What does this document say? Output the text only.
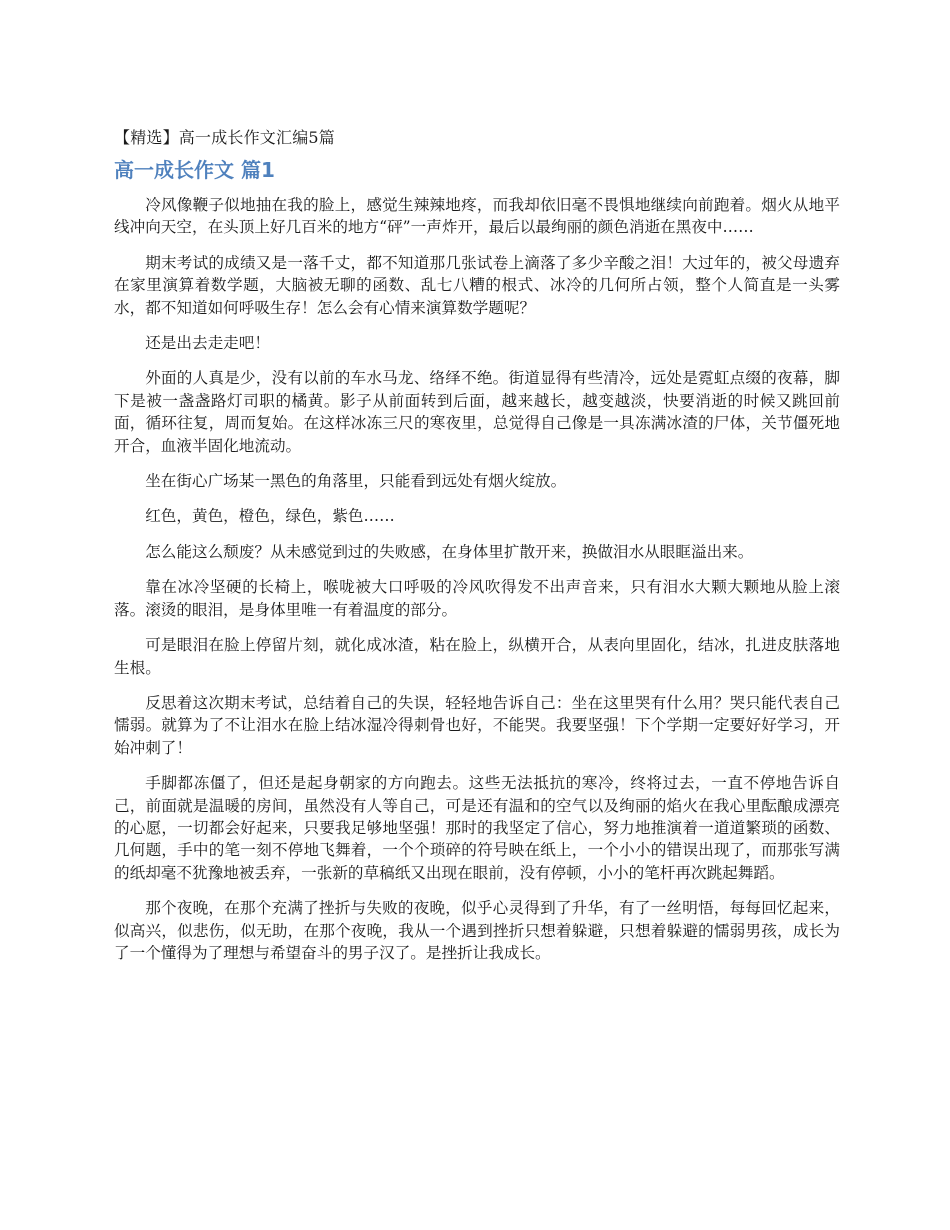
【精选】高一成长作文汇编5篇
高一成长作文 篇1

冷风像鞭子似地抽在我的脸上，感觉生辣辣地疼，而我却依旧毫不畏惧地继续向前跑着。烟火从地平线冲向天空，在头顶上好几百米的地方“砰”一声炸开，最后以最绚丽的颜色消逝在黑夜中……

期末考试的成绩又是一落千丈，都不知道那几张试卷上滴落了多少辛酸之泪！大过年的，被父母遗弃在家里演算着数学题，大脑被无聊的函数、乱七八糟的根式、冰冷的几何所占领，整个人简直是一头雾水，都不知道如何呼吸生存！怎么会有心情来演算数学题呢？

还是出去走走吧！

外面的人真是少，没有以前的车水马龙、络绎不绝。街道显得有些清冷，远处是霓虹点缀的夜幕，脚下是被一盏盏路灯司职的橘黄。影子从前面转到后面，越来越长，越变越淡，快要消逝的时候又跳回前面，循环往复，周而复始。在这样冰冻三尺的寒夜里，总觉得自己像是一具冻满冰渣的尸体，关节僵死地开合，血液半固化地流动。

坐在街心广场某一黑色的角落里，只能看到远处有烟火绽放。

红色，黄色，橙色，绿色，紫色……

怎么能这么颓废？从未感觉到过的失败感，在身体里扩散开来，换做泪水从眼眶溢出来。

靠在冰冷坚硬的长椅上，喉咙被大口呼吸的冷风吹得发不出声音来，只有泪水大颗大颗地从脸上滚落。滚烫的眼泪，是身体里唯一有着温度的部分。

可是眼泪在脸上停留片刻，就化成冰渣，粘在脸上，纵横开合，从表向里固化，结冰，扎进皮肤落地生根。

反思着这次期末考试，总结着自己的失误，轻轻地告诉自己：坐在这里哭有什么用？哭只能代表自己懦弱。就算为了不让泪水在脸上结冰湿冷得刺骨也好，不能哭。我要坚强！下个学期一定要好好学习，开始冲刺了！

手脚都冻僵了，但还是起身朝家的方向跑去。这些无法抵抗的寒冷，终将过去，一直不停地告诉自己，前面就是温暖的房间，虽然没有人等自己，可是还有温和的空气以及绚丽的焰火在我心里酝酿成漂亮的心愿，一切都会好起来，只要我足够地坚强！那时的我坚定了信心，努力地推演着一道道繁琐的函数、几何题，手中的笔一刻不停地飞舞着，一个个琐碎的符号映在纸上，一个小小的错误出现了，而那张写满的纸却毫不犹豫地被丢弃，一张新的草稿纸又出现在眼前，没有停顿，小小的笔杆再次跳起舞蹈。

那个夜晚，在那个充满了挫折与失败的夜晚，似乎心灵得到了升华，有了一丝明悟，每每回忆起来，似高兴，似悲伤，似无助，在那个夜晚，我从一个遇到挫折只想着躲避，只想着躲避的懦弱男孩，成长为了一个懂得为了理想与希望奋斗的男子汉了。是挫折让我成长。
